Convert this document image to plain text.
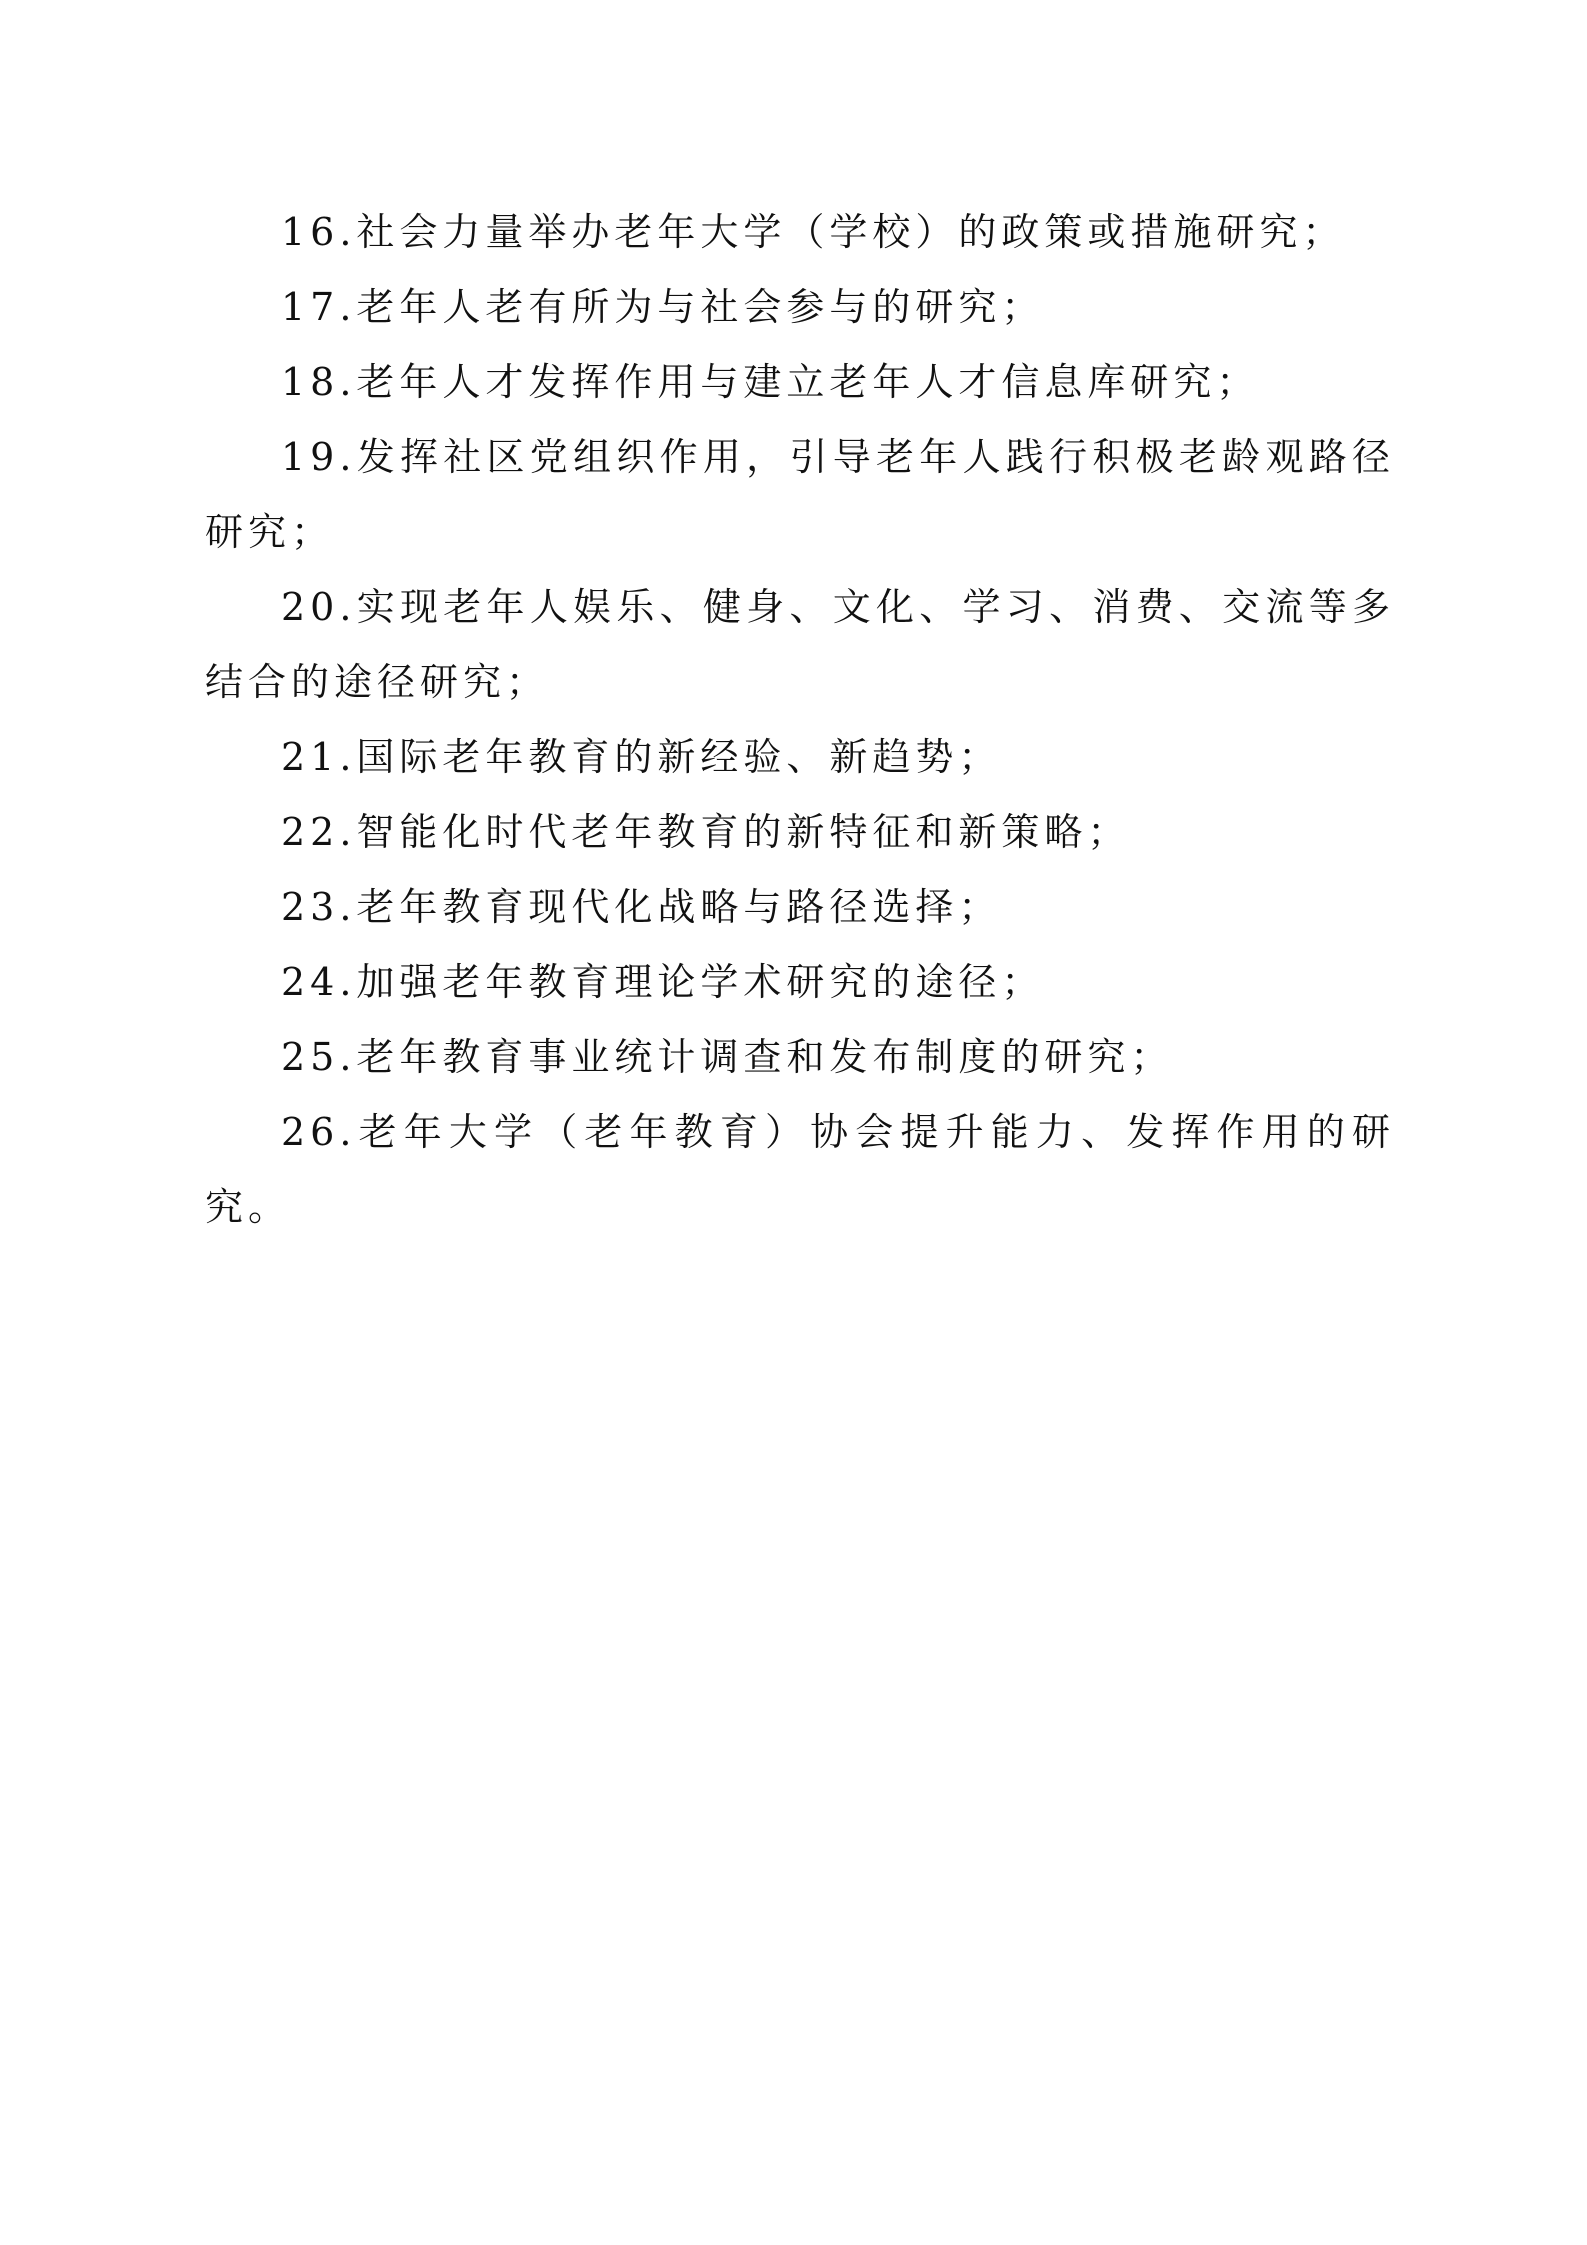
16.社会力量举办老年大学（学校）的政策或措施研究；

17.老年人老有所为与社会参与的研究；

18.老年人才发挥作用与建立老年人才信息库研究；

19.发挥社区党组织作用，引导老年人践行积极老龄观路径研究；

20.实现老年人娱乐、健身、文化、学习、消费、交流等多结合的途径研究；

21.国际老年教育的新经验、新趋势；

22.智能化时代老年教育的新特征和新策略；

23.老年教育现代化战略与路径选择；

24.加强老年教育理论学术研究的途径；

25.老年教育事业统计调查和发布制度的研究；

26.老年大学（老年教育）协会提升能力、发挥作用的研究。
